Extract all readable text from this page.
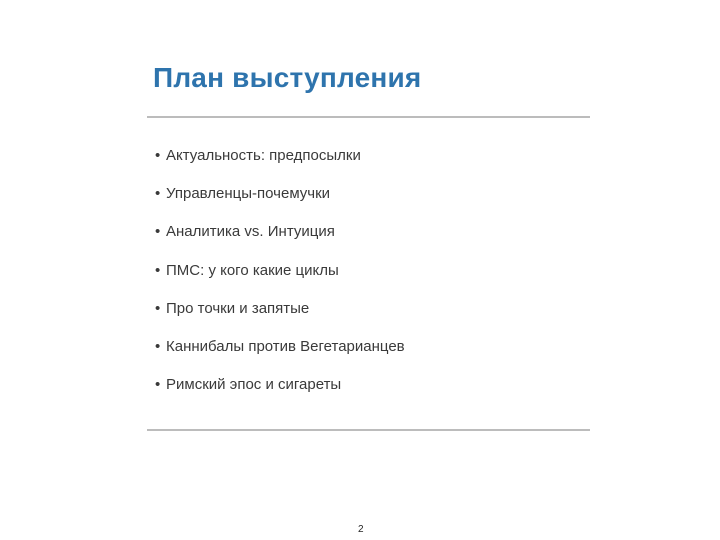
План выступления
• Актуальность: предпосылки
• Управленцы-почемучки
• Аналитика vs. Интуиция
• ПМС: у кого какие циклы
• Про точки и запятые
• Каннибалы против Вегетарианцев
• Римский эпос и сигареты
2
